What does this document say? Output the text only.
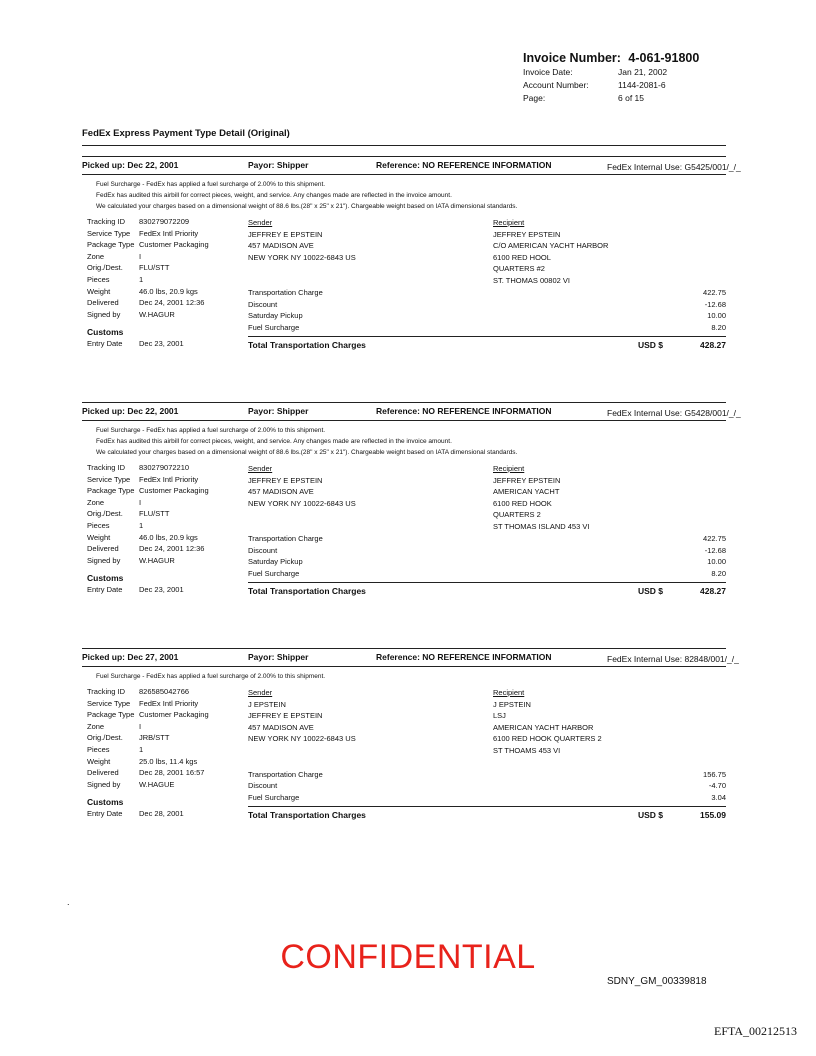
Invoice Number: 4-061-91800
Invoice Date:	Jan 21, 2002
Account Number:	1144-2081-6
Page:	6 of 15
FedEx Express Payment Type Detail (Original)
Picked up: Dec 22, 2001	Payor: Shipper	Reference: NO REFERENCE INFORMATION	FedEx Internal Use: G5425/001/_/_
Fuel Surcharge - FedEx has applied a fuel surcharge of 2.00% to this shipment.
FedEx has audited this airbill for correct pieces, weight, and service. Any changes made are reflected in the invoice amount.
We calculated your charges based on a dimensional weight of 88.6 lbs.(28" x 25" x 21"). Chargeable weight based on IATA dimensional standards.
Tracking ID 830279072209
Service Type FedEx Intl Priority
Package Type Customer Packaging
Zone	I
Orig./Dest. FLU/STT
Pieces	1
Weight	46.0 lbs, 20.9 kgs
Delivered	Dec 24, 2001 12:36
Signed by W.HAGUR
Customs
Entry Date Dec 23, 2001
Sender
JEFFREY E EPSTEIN
457 MADISON AVE
NEW YORK NY 10022-6843 US
Recipient
JEFFREY EPSTEIN
C/O AMERICAN YACHT HARBOR
6100 RED HOOL
QUARTERS #2
ST. THOMAS 00802 VI
Transportation Charge	422.75
Discount	-12.68
Saturday Pickup	10.00
Fuel Surcharge	8.20
Total Transportation Charges	USD $	428.27
Picked up: Dec 22, 2001	Payor: Shipper	Reference: NO REFERENCE INFORMATION	FedEx Internal Use: G5428/001/_/_
Fuel Surcharge - FedEx has applied a fuel surcharge of 2.00% to this shipment.
FedEx has audited this airbill for correct pieces, weight, and service. Any changes made are reflected in the invoice amount.
We calculated your charges based on a dimensional weight of 88.6 lbs.(28" x 25" x 21"). Chargeable weight based on IATA dimensional standards.
Tracking ID 830279072210
Service Type FedEx Intl Priority
Package Type Customer Packaging
Zone	I
Orig./Dest. FLU/STT
Pieces	1
Weight	46.0 lbs, 20.9 kgs
Delivered	Dec 24, 2001 12:36
Signed by W.HAGUR
Customs
Entry Date Dec 23, 2001
Sender
JEFFREY E EPSTEIN
457 MADISON AVE
NEW YORK NY 10022-6843 US
Recipient
JEFFREY EPSTEIN
AMERICAN YACHT
6100 RED HOOK
QUARTERS 2
ST THOMAS ISLAND 453 VI
Transportation Charge	422.75
Discount	-12.68
Saturday Pickup	10.00
Fuel Surcharge	8.20
Total Transportation Charges	USD $	428.27
Picked up: Dec 27, 2001	Payor: Shipper	Reference: NO REFERENCE INFORMATION	FedEx Internal Use: 82848/001/_/_
Fuel Surcharge - FedEx has applied a fuel surcharge of 2.00% to this shipment.
Tracking ID 826585042766
Service Type FedEx Intl Priority
Package Type Customer Packaging
Zone	I
Orig./Dest. JRB/STT
Pieces	1
Weight	25.0 lbs, 11.4 kgs
Delivered	Dec 28, 2001 16:57
Signed by W.HAGUE
Customs
Entry Date Dec 28, 2001
Sender
J EPSTEIN
JEFFREY E EPSTEIN
457 MADISON AVE
NEW YORK NY 10022-6843 US
Recipient
J EPSTEIN
LSJ
AMERICAN YACHT HARBOR
6100 RED HOOK QUARTERS 2
ST THOAMS 453 VI
Transportation Charge	156.75
Discount	-4.70
Fuel Surcharge	3.04
Total Transportation Charges	USD $	155.09
.
CONFIDENTIAL
SDNY_GM_00339818
EFTA_00212513
